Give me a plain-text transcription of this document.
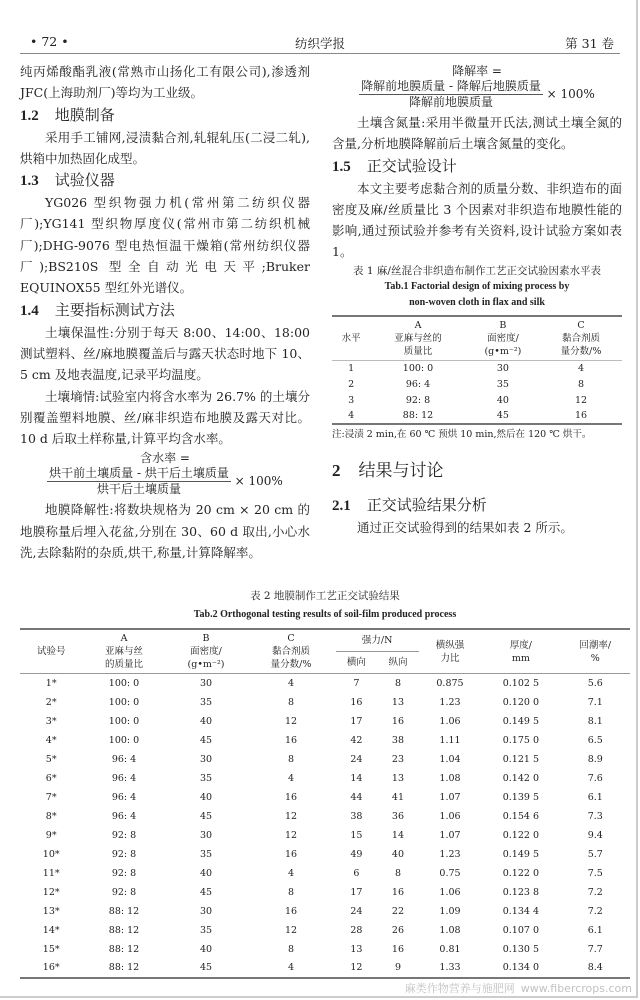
• 72 •	纺织学报	第 31 卷

纯丙烯酸酯乳液(常熟市山扬化工有限公司),渗透剂 JFC(上海助剂厂)等均为工业级。

1.2 地膜制备

采用手工铺网,浸渍黏合剂,轧辊轧压(二浸二轧),烘箱中加热固化成型。

1.3 试验仪器

YG026 型织物强力机(常州第二纺织仪器厂);YG141 型织物厚度仪(常州市第二纺织机械厂);DHG-9076 型电热恒温干燥箱(常州纺织仪器厂);BS210S 型全自动光电天平;Bruker EQUINOX55 型红外光谱仪。

1.4 主要指标测试方法

土壤保温性:分别于每天 8:00、14:00、18:00 测试塑料、丝/麻地膜覆盖后与露天状态时地下 10、5 cm 及地表温度,记录平均温度。

土壤墒情:试验室内将含水率为 26.7% 的土壤分别覆盖塑料地膜、丝/麻非织造布地膜及露天对比。10 d 后取土样称量,计算平均含水率。

含水率 =
$\frac{\text{烘干前土壤质量 - 烘干后土壤质量}}{\text{烘干后土壤质量}} \times 100\%$

地膜降解性:将数块规格为 20 cm × 20 cm 的地膜称量后埋入花盆,分别在 30、60 d 取出,小心水洗,去除黏附的杂质,烘干,称量,计算降解率。

降解率 =
$\frac{\text{降解前地膜质量 - 降解后地膜质量}}{\text{降解前地膜质量}} \times 100\%$

土壤含氮量:采用半微量开氏法,测试土壤全氮的含量,分析地膜降解前后土壤含氮量的变化。

1.5 正交试验设计

本文主要考虑黏合剂的质量分数、非织造布的面密度及麻/丝质量比 3 个因素对非织造布地膜性能的影响,通过预试验并参考有关资料,设计试验方案如表 1。

表 1 麻/丝混合非织造布制作工艺正交试验因素水平表
Tab.1 Factorial design of mixing process by
non-woven cloth in flax and silk
水平	A
亚麻与丝的
质量比	B
面密度/
(g•m⁻²)	C
黏合剂质
量分数/%
1	100: 0	30	4
2	96: 4	35	8
3	92: 8	40	12
4	88: 12	45	16
注:浸渍 2 min,在 60 ℃ 预烘 10 min,然后在 120 ℃ 烘干。
2 结果与讨论
2.1 正交试验结果分析

通过正交试验得到的结果如表 2 所示。

表 2 地膜制作工艺正交试验结果
Tab.2 Orthogonal testing results of soil-film produced process
试验号	A
亚麻与丝
的质量比	B
面密度/
(g•m⁻²)	C
黏合剂质
量分数/%	强力/N		横纵强
力比	厚度/
mm	回潮率/
%
				横向	纵向			
1*	100: 0	30	4	7	8	0.875	0.102 5	5.6
2*	100: 0	35	8	16	13	1.23	0.120 0	7.1
3*	100: 0	40	12	17	16	1.06	0.149 5	8.1
4*	100: 0	45	16	42	38	1.11	0.175 0	6.5
5*	96: 4	30	8	24	23	1.04	0.121 5	8.9
6*	96: 4	35	4	14	13	1.08	0.142 0	7.6
7*	96: 4	40	16	44	41	1.07	0.139 5	6.1
8*	96: 4	45	12	38	36	1.06	0.154 6	7.3
9*	92: 8	30	12	15	14	1.07	0.122 0	9.4
10*	92: 8	35	16	49	40	1.23	0.149 5	5.7
11*	92: 8	40	4	6	8	0.75	0.122 0	7.5
12*	92: 8	45	8	17	16	1.06	0.123 8	7.2
13*	88: 12	30	16	24	22	1.09	0.134 4	7.2
14*	88: 12	35	12	28	26	1.08	0.107 0	6.1
15*	88: 12	40	8	13	16	0.81	0.130 5	7.7
16*	88: 12	45	4	12	9	1.33	0.134 0	8.4
麻类作物营养与施肥网 www.fibercrops.com
